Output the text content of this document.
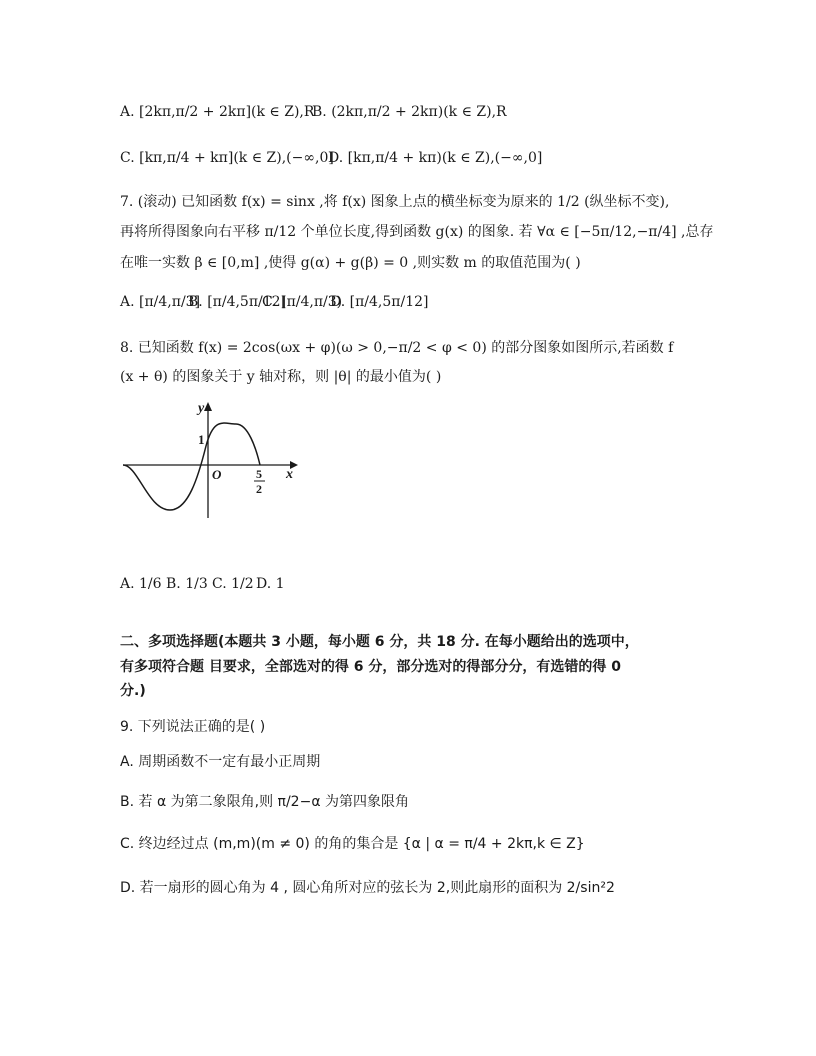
A. [2kπ,π/2 + 2kπ](k ∈ Z),R
B. (2kπ,π/2 + 2kπ)(k ∈ Z),R
C. [kπ,π/4 + kπ](k ∈ Z),(−∞,0]
D. [kπ,π/4 + kπ)(k ∈ Z),(−∞,0]
7. (滚动) 已知函数 f(x) = sinx ,将 f(x) 图象上点的横坐标变为原来的 1/2 (纵坐标不变),
再将所得图象向右平移 π/12 个单位长度,得到函数 g(x) 的图象. 若 ∀α ∈ [−5π/12,−π/4] ,总存
在唯一实数 β ∈ [0,m] ,使得 g(α) + g(β) = 0 ,则实数 m 的取值范围为( )
A. [π/4,π/3]
B. [π/4,5π/12]
C. [π/4,π/3)
D. [π/4,5π/12]
8. 已知函数 f(x) = 2cos(ωx + φ)(ω > 0,−π/2 < φ < 0) 的部分图象如图所示,若函数 f
(x + θ) 的图象关于 y 轴对称，则 |θ| 的最小值为( )
y
x
O
1
5
2
A. 1/6 B. 1/3 C. 1/2 D. 1
二、多项选择题(本题共 3 小题，每小题 6 分，共 18 分. 在每小题给出的选项中，
有多项符合题 目要求，全部选对的得 6 分，部分选对的得部分分，有选错的得 0
分.)
9. 下列说法正确的是( )
A. 周期函数不一定有最小正周期
B. 若 α 为第二象限角,则 π/2−α 为第四象限角
C. 终边经过点 (m,m)(m ≠ 0) 的角的集合是 {α | α = π/4 + 2kπ,k ∈ Z}
D. 若一扇形的圆心角为 4 , 圆心角所对应的弦长为 2,则此扇形的面积为 2/sin²2
